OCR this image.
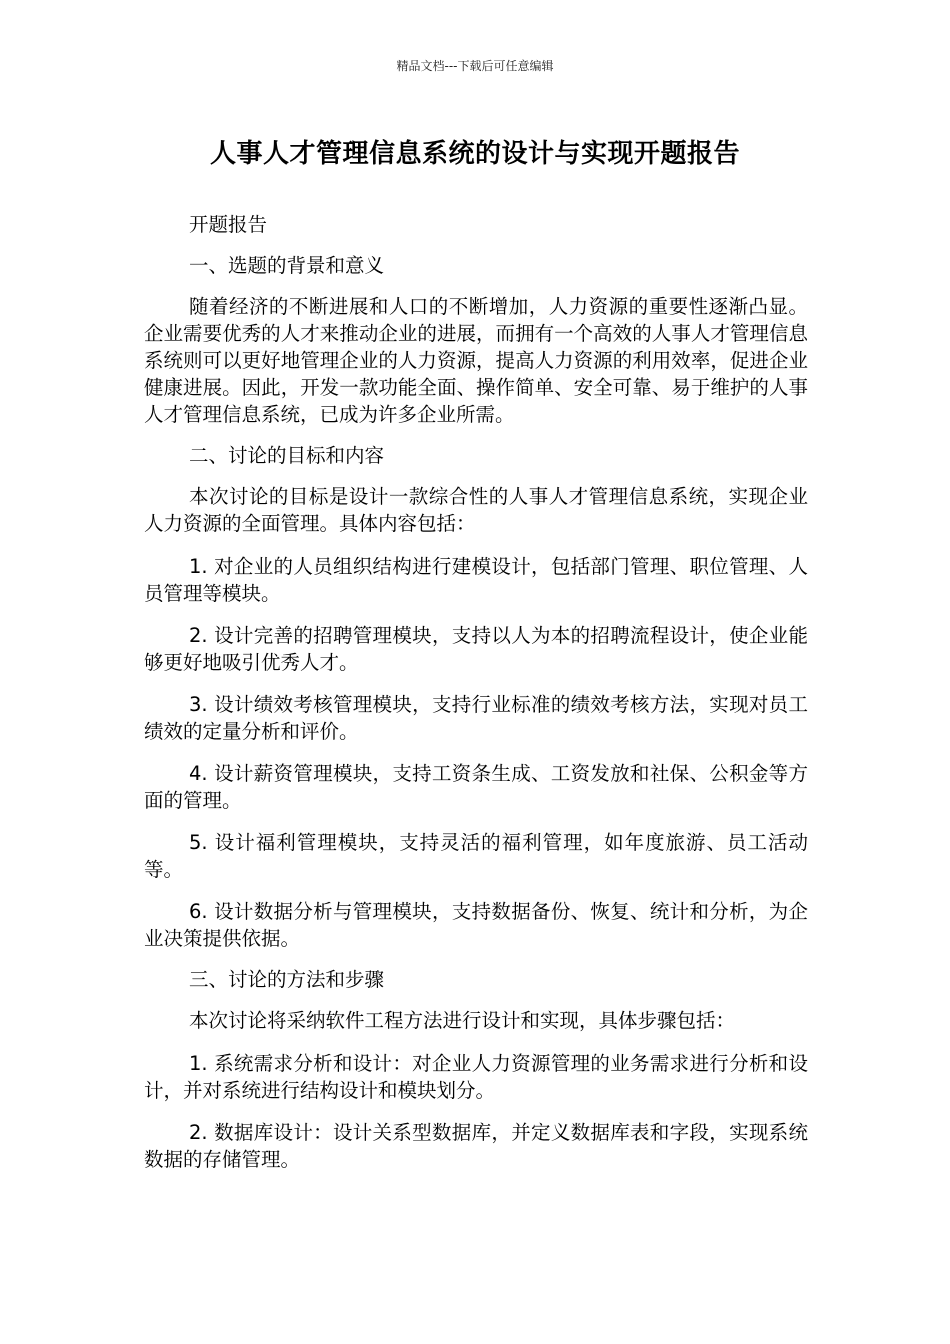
精品文档---下载后可任意编辑
人事人才管理信息系统的设计与实现开题报告

开题报告

一、选题的背景和意义

随着经济的不断进展和人口的不断增加，人力资源的重要性逐渐凸显。企业需要优秀的人才来推动企业的进展，而拥有一个高效的人事人才管理信息系统则可以更好地管理企业的人力资源，提高人力资源的利用效率，促进企业健康进展。因此，开发一款功能全面、操作简单、安全可靠、易于维护的人事人才管理信息系统，已成为许多企业所需。

二、讨论的目标和内容

本次讨论的目标是设计一款综合性的人事人才管理信息系统，实现企业人力资源的全面管理。具体内容包括：

1. 对企业的人员组织结构进行建模设计，包括部门管理、职位管理、人员管理等模块。

2. 设计完善的招聘管理模块，支持以人为本的招聘流程设计，使企业能够更好地吸引优秀人才。

3. 设计绩效考核管理模块，支持行业标准的绩效考核方法，实现对员工绩效的定量分析和评价。

4. 设计薪资管理模块，支持工资条生成、工资发放和社保、公积金等方面的管理。

5. 设计福利管理模块，支持灵活的福利管理，如年度旅游、员工活动等。

6. 设计数据分析与管理模块，支持数据备份、恢复、统计和分析，为企业决策提供依据。

三、讨论的方法和步骤

本次讨论将采纳软件工程方法进行设计和实现，具体步骤包括：

1. 系统需求分析和设计：对企业人力资源管理的业务需求进行分析和设计，并对系统进行结构设计和模块划分。

2. 数据库设计：设计关系型数据库，并定义数据库表和字段，实现系统数据的存储管理。
